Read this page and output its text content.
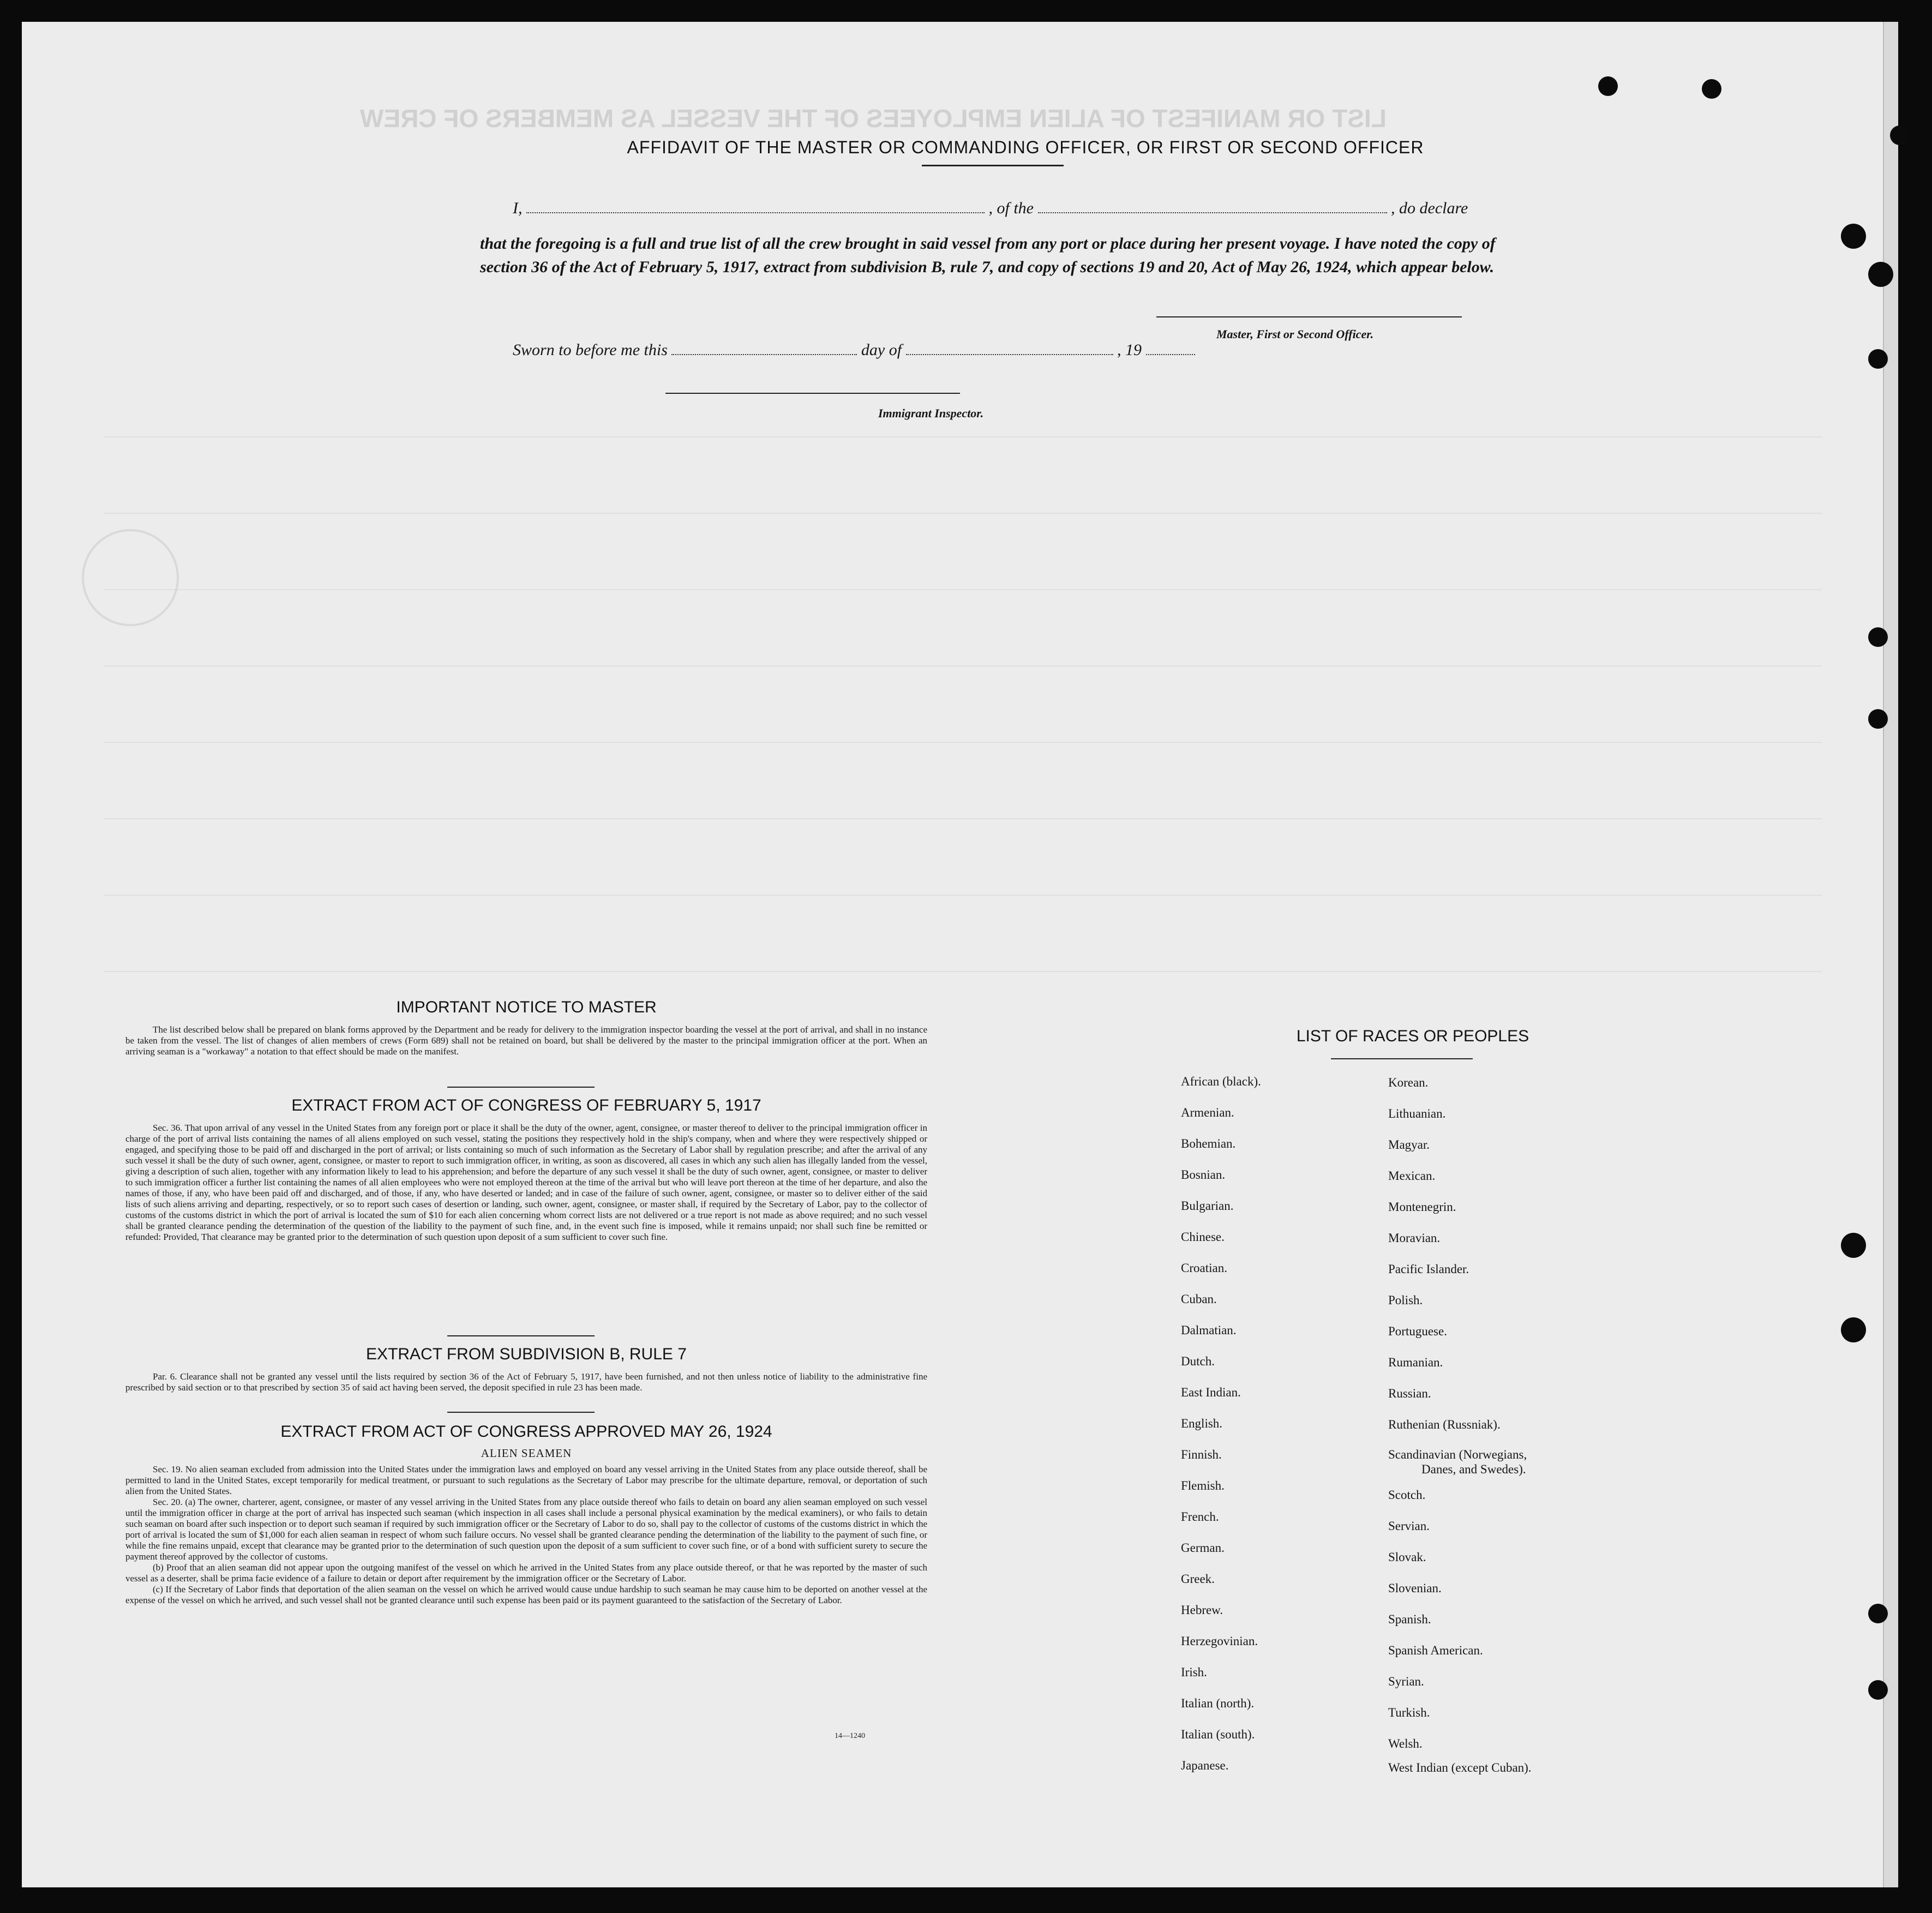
LIST OR MANIFEST OF ALIEN EMPLOYEES OF THE VESSEL AS MEMBERS OF CREW
AFFIDAVIT OF THE MASTER OR COMMANDING OFFICER, OR FIRST OR SECOND OFFICER
I,	, of the	, do declare
that the foregoing is a full and true list of all the crew brought in said vessel from any port or place during her present voyage. I have noted the copy of section 36 of the Act of February 5, 1917, extract from subdivision B, rule 7, and copy of sections 19 and 20, Act of May 26, 1924, which appear below.
Master, First or Second Officer.
Sworn to before me this	day of	, 19
Immigrant Inspector.
IMPORTANT NOTICE TO MASTER

The list described below shall be prepared on blank forms approved by the Department and be ready for delivery to the immigration inspector boarding the vessel at the port of arrival, and shall in no instance be taken from the vessel. The list of changes of alien members of crews (Form 689) shall not be retained on board, but shall be delivered by the master to the principal immigration officer at the port. When an arriving seaman is a "workaway" a notation to that effect should be made on the manifest.

EXTRACT FROM ACT OF CONGRESS OF FEBRUARY 5, 1917

Sec. 36. That upon arrival of any vessel in the United States from any foreign port or place it shall be the duty of the owner, agent, consignee, or master thereof to deliver to the principal immigration officer in charge of the port of arrival lists containing the names of all aliens employed on such vessel, stating the positions they respectively hold in the ship's company, when and where they were respectively shipped or engaged, and specifying those to be paid off and discharged in the port of arrival; or lists containing so much of such information as the Secretary of Labor shall by regulation prescribe; and after the arrival of any such vessel it shall be the duty of such owner, agent, consignee, or master to report to such immigration officer, in writing, as soon as discovered, all cases in which any such alien has illegally landed from the vessel, giving a description of such alien, together with any information likely to lead to his apprehension; and before the departure of any such vessel it shall be the duty of such owner, agent, consignee, or master to deliver to such immigration officer a further list containing the names of all alien employees who were not employed thereon at the time of the arrival but who will leave port thereon at the time of her departure, and also the names of those, if any, who have been paid off and discharged, and of those, if any, who have deserted or landed; and in case of the failure of such owner, agent, consignee, or master so to deliver either of the said lists of such aliens arriving and departing, respectively, or so to report such cases of desertion or landing, such owner, agent, consignee, or master shall, if required by the Secretary of Labor, pay to the collector of customs of the customs district in which the port of arrival is located the sum of $10 for each alien concerning whom correct lists are not delivered or a true report is not made as above required; and no such vessel shall be granted clearance pending the determination of the question of the liability to the payment of such fine, and, in the event such fine is imposed, while it remains unpaid; nor shall such fine be remitted or refunded: Provided, That clearance may be granted prior to the determination of such question upon deposit of a sum sufficient to cover such fine.

EXTRACT FROM SUBDIVISION B, RULE 7

Par. 6. Clearance shall not be granted any vessel until the lists required by section 36 of the Act of February 5, 1917, have been furnished, and not then unless notice of liability to the administrative fine prescribed by said section or to that prescribed by section 35 of said act having been served, the deposit specified in rule 23 has been made.

EXTRACT FROM ACT OF CONGRESS APPROVED MAY 26, 1924
ALIEN SEAMEN

Sec. 19. No alien seaman excluded from admission into the United States under the immigration laws and employed on board any vessel arriving in the United States from any place outside thereof, shall be permitted to land in the United States, except temporarily for medical treatment, or pursuant to such regulations as the Secretary of Labor may prescribe for the ultimate departure, removal, or deportation of such alien from the United States.

Sec. 20. (a) The owner, charterer, agent, consignee, or master of any vessel arriving in the United States from any place outside thereof who fails to detain on board any alien seaman employed on such vessel until the immigration officer in charge at the port of arrival has inspected such seaman (which inspection in all cases shall include a personal physical examination by the medical examiners), or who fails to detain such seaman on board after such inspection or to deport such seaman if required by such immigration officer or the Secretary of Labor to do so, shall pay to the collector of customs of the customs district in which the port of arrival is located the sum of $1,000 for each alien seaman in respect of whom such failure occurs. No vessel shall be granted clearance pending the determination of the liability to the payment of such fine, or while the fine remains unpaid, except that clearance may be granted prior to the determination of such question upon the deposit of a sum sufficient to cover such fine, or of a bond with sufficient surety to secure the payment thereof approved by the collector of customs.

(b) Proof that an alien seaman did not appear upon the outgoing manifest of the vessel on which he arrived in the United States from any place outside thereof, or that he was reported by the master of such vessel as a deserter, shall be prima facie evidence of a failure to detain or deport after requirement by the immigration officer or the Secretary of Labor.

(c) If the Secretary of Labor finds that deportation of the alien seaman on the vessel on which he arrived would cause undue hardship to such seaman he may cause him to be deported on another vessel at the expense of the vessel on which he arrived, and such vessel shall not be granted clearance until such expense has been paid or its payment guaranteed to the satisfaction of the Secretary of Labor.

14—1240
LIST OF RACES OR PEOPLES
African (black).
Armenian.
Bohemian.
Bosnian.
Bulgarian.
Chinese.
Croatian.
Cuban.
Dalmatian.
Dutch.
East Indian.
English.
Finnish.
Flemish.
French.
German.
Greek.
Hebrew.
Herzegovinian.
Irish.
Italian (north).
Italian (south).
Japanese.
Korean.
Lithuanian.
Magyar.
Mexican.
Montenegrin.
Moravian.
Pacific Islander.
Polish.
Portuguese.
Rumanian.
Russian.
Ruthenian (Russniak).
Scandinavian (Norwegians,
Danes, and Swedes).
Scotch.
Servian.
Slovak.
Slovenian.
Spanish.
Spanish American.
Syrian.
Turkish.
Welsh.
West Indian (except Cuban).
